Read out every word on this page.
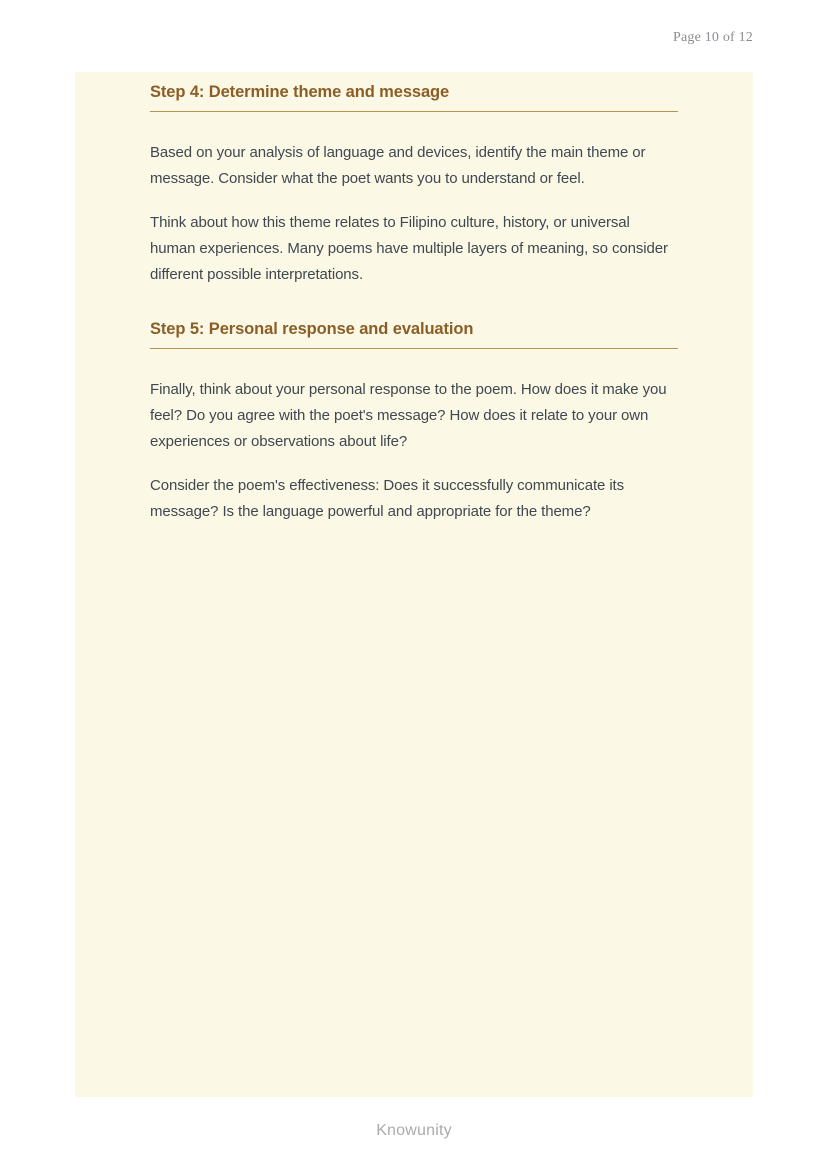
Page 10 of 12
Step 4: Determine theme and message

Based on your analysis of language and devices, identify the main theme or message. Consider what the poet wants you to understand or feel.

Think about how this theme relates to Filipino culture, history, or universal human experiences. Many poems have multiple layers of meaning, so consider different possible interpretations.

Step 5: Personal response and evaluation

Finally, think about your personal response to the poem. How does it make you feel? Do you agree with the poet's message? How does it relate to your own experiences or observations about life?

Consider the poem's effectiveness: Does it successfully communicate its message? Is the language powerful and appropriate for the theme?

Knowunity
